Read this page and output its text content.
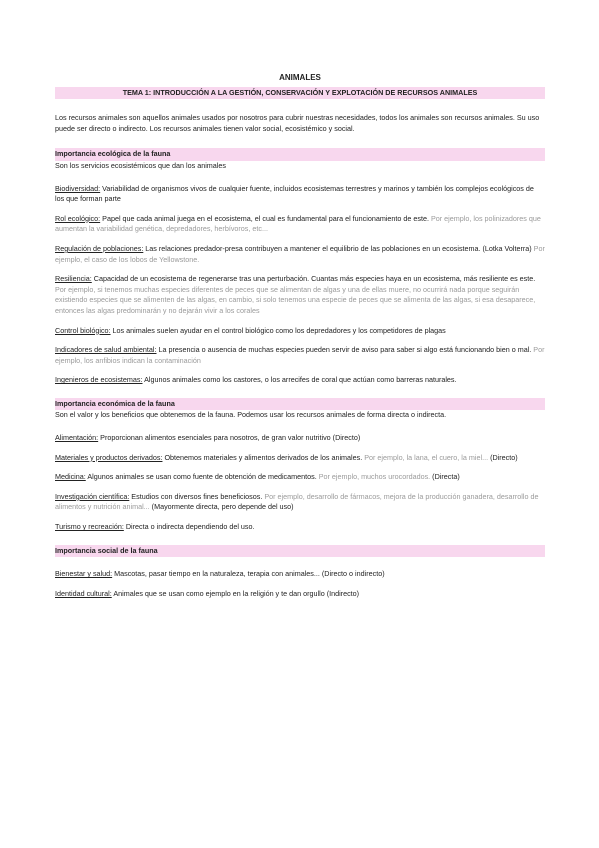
ANIMALES
TEMA 1: INTRODUCCIÓN A LA GESTIÓN, CONSERVACIÓN Y EXPLOTACIÓN DE RECURSOS ANIMALES

Los recursos animales son aquellos animales usados por nosotros para cubrir nuestras necesidades, todos los animales son recursos animales. Su uso puede ser directo o indirecto. Los recursos animales tienen valor social, ecosistémico y social.

Importancia ecológica de la fauna

Son los servicios ecosistémicos que dan los animales

Biodiversidad: Variabilidad de organismos vivos de cualquier fuente, incluidos ecosistemas terrestres y marinos y también los complejos ecológicos de los que forman parte

Rol ecológico: Papel que cada animal juega en el ecosistema, el cual es fundamental para el funcionamiento de este. Por ejemplo, los polinizadores que aumentan la variabilidad genética, depredadores, herbívoros, etc...

Regulación de poblaciones: Las relaciones predador-presa contribuyen a mantener el equilibrio de las poblaciones en un ecosistema. (Lotka Volterra) Por ejemplo, el caso de los lobos de Yellowstone.

Resiliencia: Capacidad de un ecosistema de regenerarse tras una perturbación. Cuantas más especies haya en un ecosistema, más resiliente es este. Por ejemplo, si tenemos muchas especies diferentes de peces que se alimentan de algas y una de ellas muere, no ocurrirá nada porque seguirán existiendo especies que se alimenten de las algas, en cambio, si solo tenemos una especie de peces que se alimenta de las algas, si esa desaparece, entonces las algas predominarán y no dejarán vivir a los corales

Control biológico: Los animales suelen ayudar en el control biológico como los depredadores y los competidores de plagas

Indicadores de salud ambiental: La presencia o ausencia de muchas especies pueden servir de aviso para saber si algo está funcionando bien o mal. Por ejemplo, los anfibios indican la contaminación

Ingenieros de ecosistemas: Algunos animales como los castores, o los arrecifes de coral que actúan como barreras naturales.

Importancia económica de la fauna

Son el valor y los beneficios que obtenemos de la fauna. Podemos usar los recursos animales de forma directa o indirecta.

Alimentación: Proporcionan alimentos esenciales para nosotros, de gran valor nutritivo (Directo)

Materiales y productos derivados: Obtenemos materiales y alimentos derivados de los animales. Por ejemplo, la lana, el cuero, la miel... (Directo)

Medicina: Algunos animales se usan como fuente de obtención de medicamentos. Por ejemplo, muchos urocordados. (Directa)

Investigación científica: Estudios con diversos fines beneficiosos. Por ejemplo, desarrollo de fármacos, mejora de la producción ganadera, desarrollo de alimentos y nutrición animal... (Mayormente directa, pero depende del uso)

Turismo y recreación: Directa o indirecta dependiendo del uso.

Importancia social de la fauna

Bienestar y salud: Mascotas, pasar tiempo en la naturaleza, terapia con animales... (Directo o indirecto)

Identidad cultural: Animales que se usan como ejemplo en la religión y te dan orgullo (Indirecto)
